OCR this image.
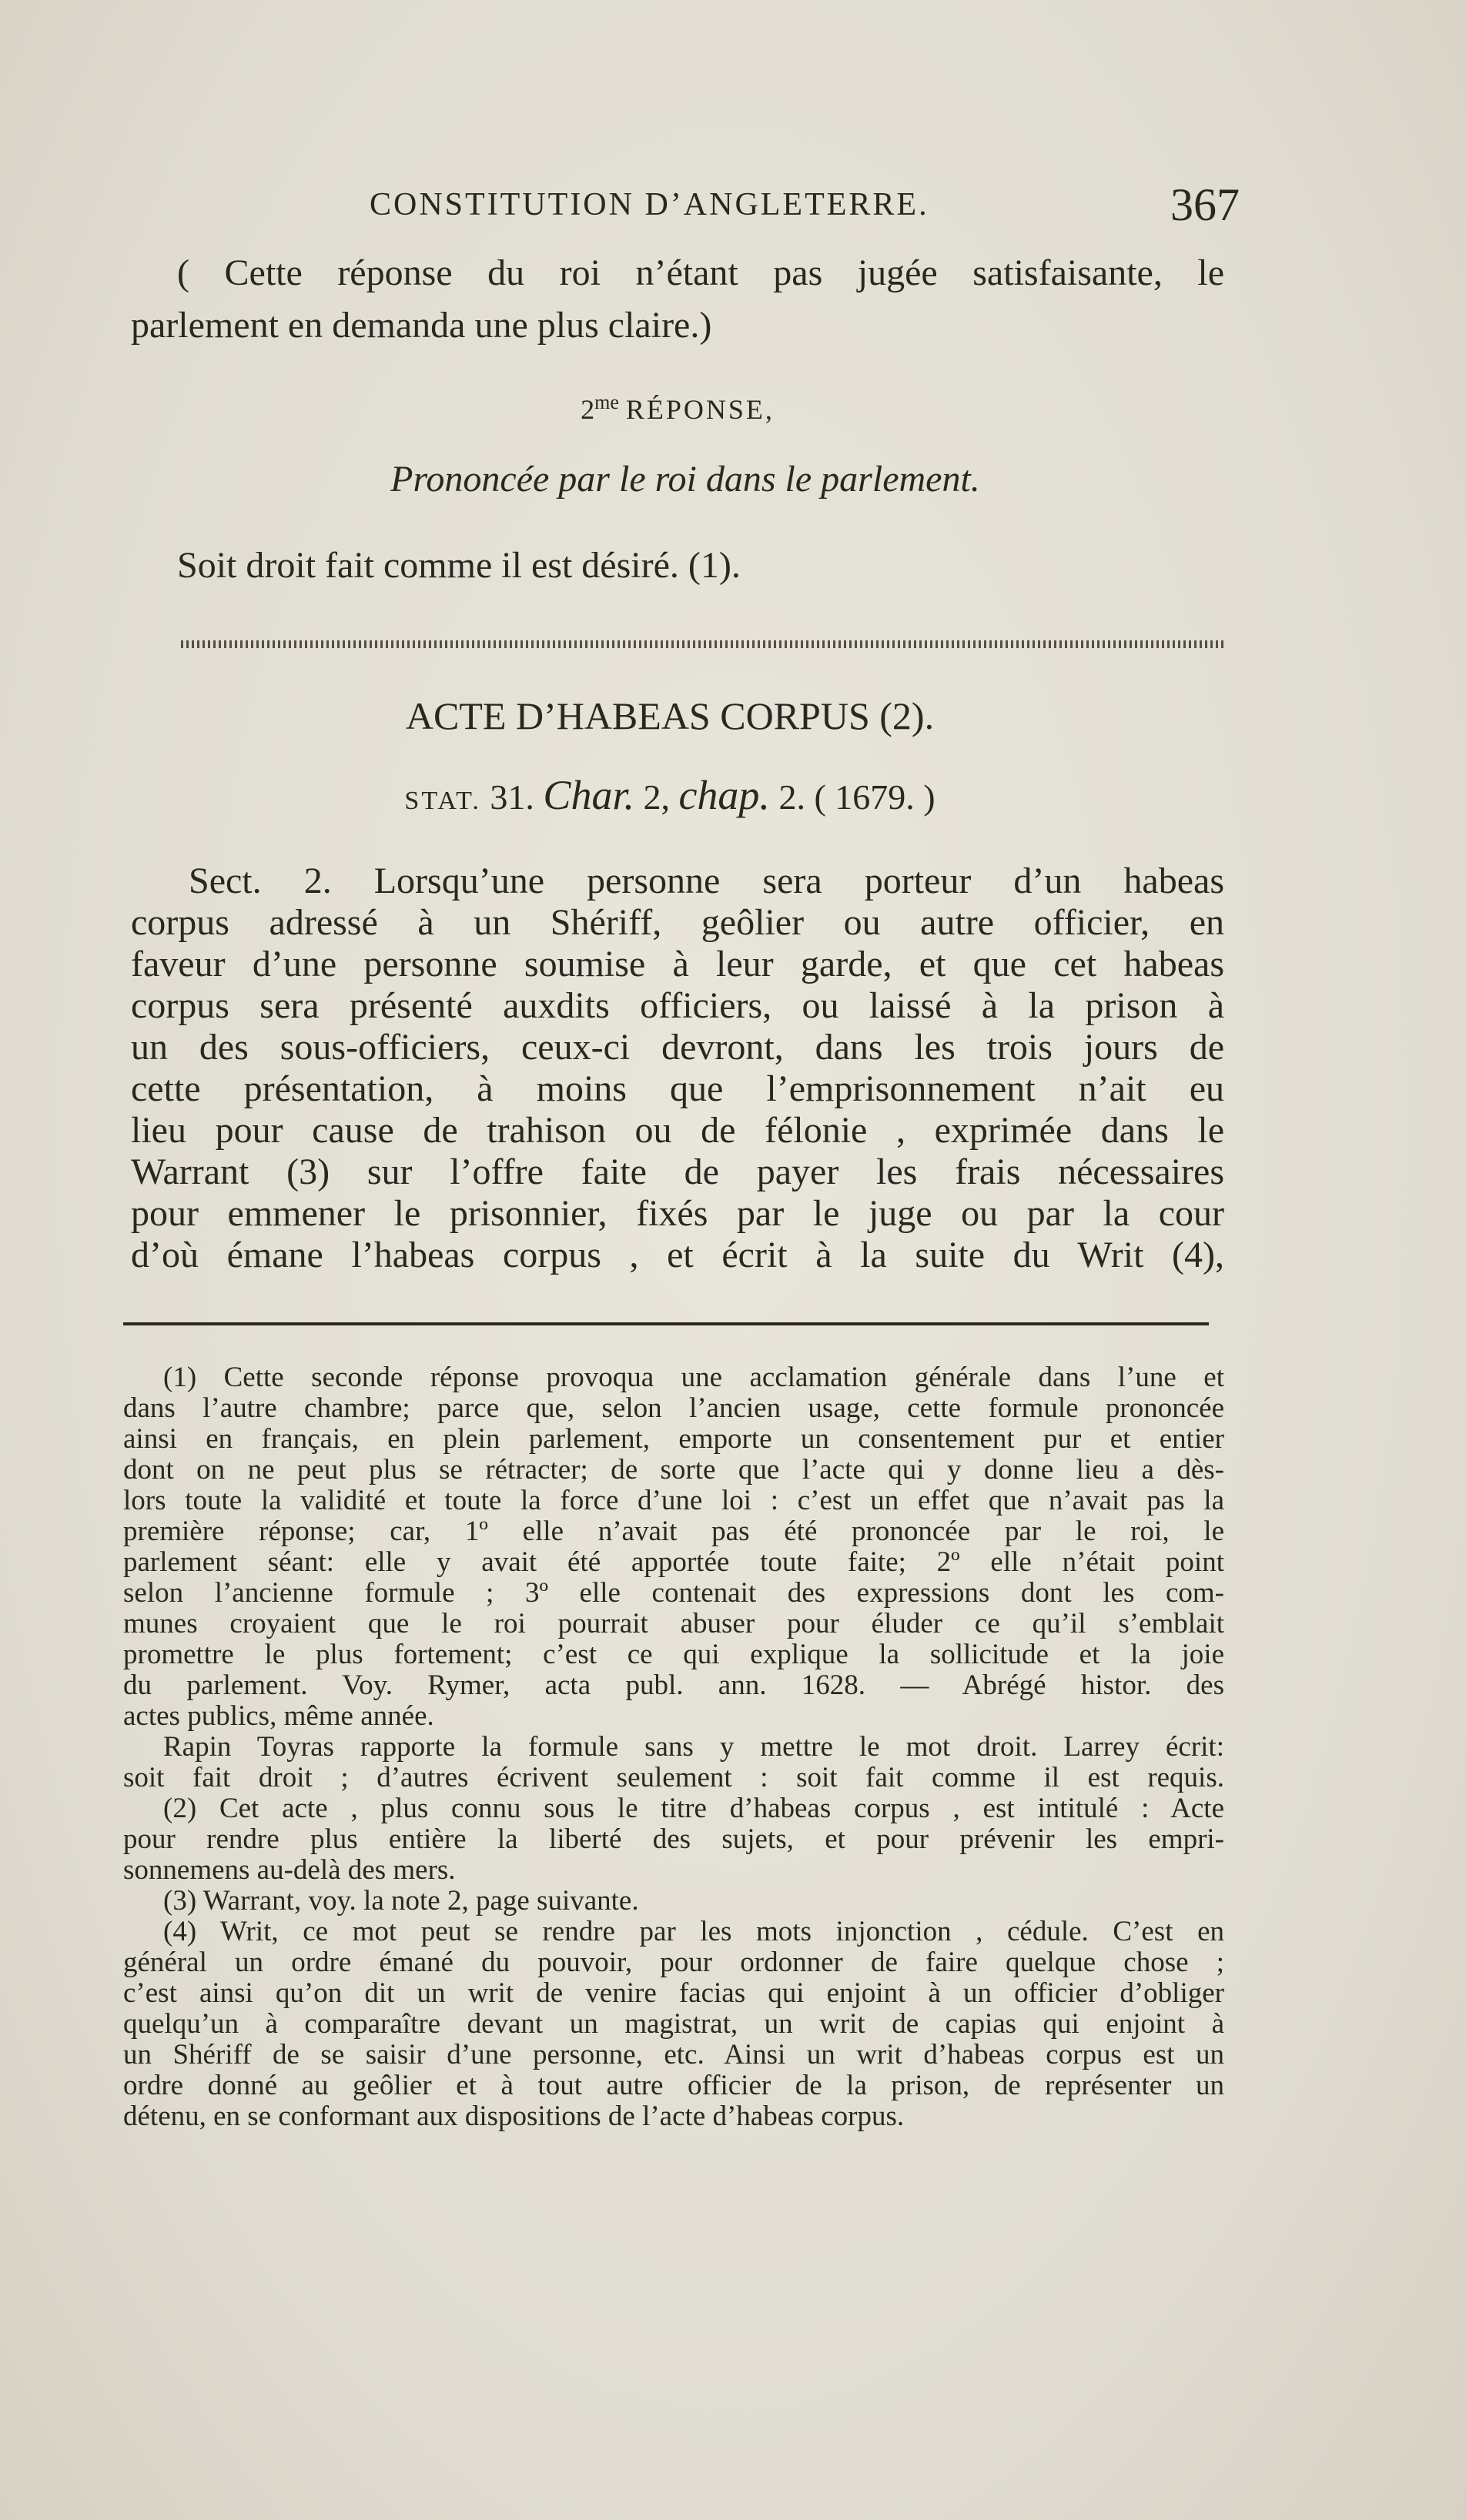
CONSTITUTION D’ANGLETERRE.	367

( Cette réponse du roi n’étant pas jugée satisfaisante, le

parlement en demanda une plus claire.)

$2^{me}$ RÉPONSE,

Prononcée par le roi dans le parlement.

Soit droit fait comme il est désiré. (1).

ACTE D’HABEAS CORPUS (2).

STAT. 31. Char. 2, chap. 2. ( 1679. )

Sect. 2. Lorsqu’une personne sera porteur d’un habeas

corpus adressé à un Shériff, geôlier ou autre officier, en

faveur d’une personne soumise à leur garde, et que cet habeas

corpus sera présenté auxdits officiers, ou laissé à la prison à

un des sous-officiers, ceux-ci devront, dans les trois jours de

cette présentation, à moins que l’emprisonnement n’ait eu

lieu pour cause de trahison ou de félonie , exprimée dans le

Warrant (3) sur l’offre faite de payer les frais nécessaires

pour emmener le prisonnier, fixés par le juge ou par la cour

d’où émane l’habeas corpus , et écrit à la suite du Writ (4),

(1) Cette seconde réponse provoqua une acclamation générale dans l’une et

dans l’autre chambre; parce que, selon l’ancien usage, cette formule prononcée

ainsi en français, en plein parlement, emporte un consentement pur et entier

dont on ne peut plus se rétracter; de sorte que l’acte qui y donne lieu a dès-

lors toute la validité et toute la force d’une loi : c’est un effet que n’avait pas la

première réponse; car, 1º elle n’avait pas été prononcée par le roi, le

parlement séant: elle y avait été apportée toute faite; 2º elle n’était point

selon l’ancienne formule ; 3º elle contenait des expressions dont les com-

munes croyaient que le roi pourrait abuser pour éluder ce qu’il s’emblait

promettre le plus fortement; c’est ce qui explique la sollicitude et la joie

du parlement. Voy. Rymer, acta publ. ann. 1628. — Abrégé histor. des

actes publics, même année.

Rapin Toyras rapporte la formule sans y mettre le mot droit. Larrey écrit:

soit fait droit ; d’autres écrivent seulement : soit fait comme il est requis.

(2) Cet acte , plus connu sous le titre d’habeas corpus , est intitulé : Acte

pour rendre plus entière la liberté des sujets, et pour prévenir les empri-

sonnemens au-delà des mers.

(3) Warrant, voy. la note 2, page suivante.

(4) Writ, ce mot peut se rendre par les mots injonction , cédule. C’est en

général un ordre émané du pouvoir, pour ordonner de faire quelque chose ;

c’est ainsi qu’on dit un writ de venire facias qui enjoint à un officier d’obliger

quelqu’un à comparaître devant un magistrat, un writ de capias qui enjoint à

un Shériff de se saisir d’une personne, etc. Ainsi un writ d’habeas corpus est un

ordre donné au geôlier et à tout autre officier de la prison, de représenter un

détenu, en se conformant aux dispositions de l’acte d’habeas corpus.
